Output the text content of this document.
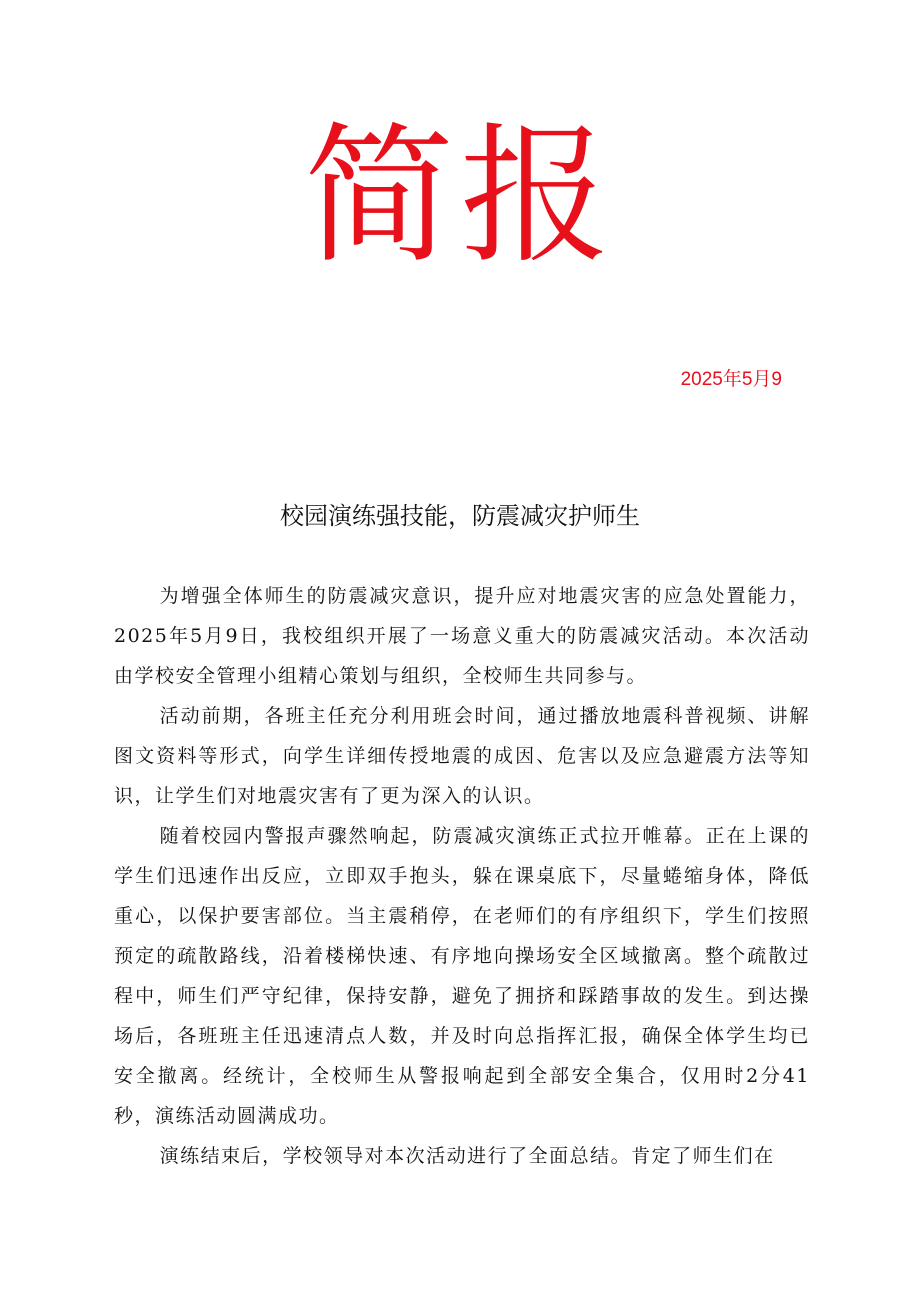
简报
2025年5月9
校园演练强技能，防震减灾护师生

为增强全体师生的防震减灾意识，提升应对地震灾害的应急处置能力，2025年5月9日，我校组织开展了一场意义重大的防震减灾活动。本次活动由学校安全管理小组精心策划与组织，全校师生共同参与。

活动前期，各班主任充分利用班会时间，通过播放地震科普视频、讲解图文资料等形式，向学生详细传授地震的成因、危害以及应急避震方法等知识，让学生们对地震灾害有了更为深入的认识。

随着校园内警报声骤然响起，防震减灾演练正式拉开帷幕。正在上课的学生们迅速作出反应，立即双手抱头，躲在课桌底下，尽量蜷缩身体，降低重心，以保护要害部位。当主震稍停，在老师们的有序组织下，学生们按照预定的疏散路线，沿着楼梯快速、有序地向操场安全区域撤离。整个疏散过程中，师生们严守纪律，保持安静，避免了拥挤和踩踏事故的发生。到达操场后，各班班主任迅速清点人数，并及时向总指挥汇报，确保全体学生均已安全撤离。经统计，全校师生从警报响起到全部安全集合，仅用时2分41秒，演练活动圆满成功。

演练结束后，学校领导对本次活动进行了全面总结。肯定了师生们在
